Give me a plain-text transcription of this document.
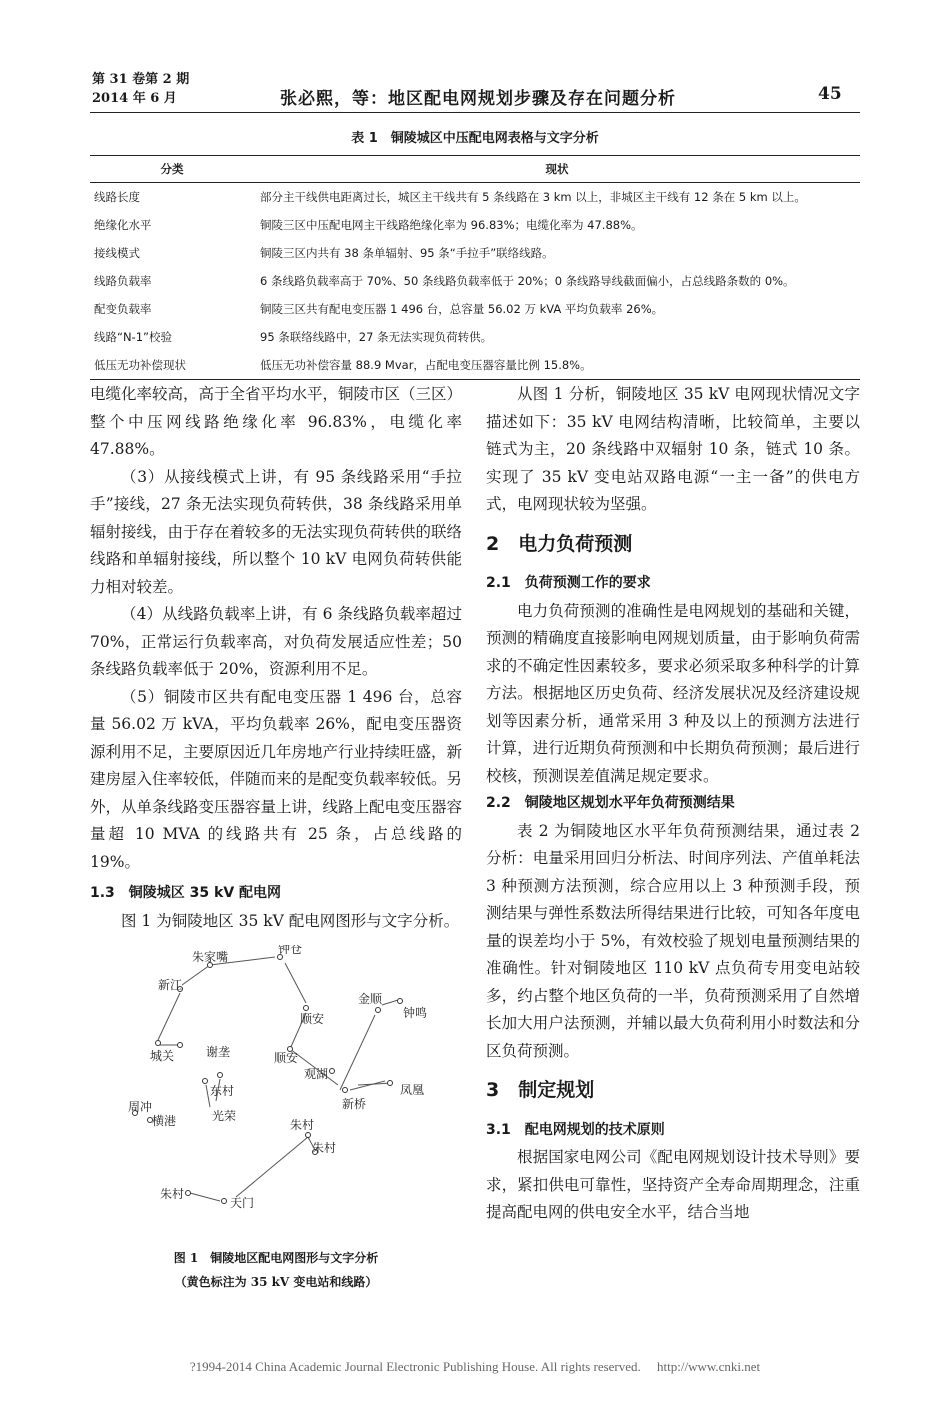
第 31 卷第 2 期
2014 年 6 月	张必熙，等：地区配电网规划步骤及存在问题分析	45
表 1　铜陵城区中压配电网表格与文字分析
分类	现状
线路长度	部分主干线供电距离过长，城区主干线共有 5 条线路在 3 km 以上，非城区主干线有 12 条在 5 km 以上。
绝缘化水平	铜陵三区中压配电网主干线路绝缘化率为 96.83%；电缆化率为 47.88%。
接线模式	铜陵三区内共有 38 条单辐射、95 条“手拉手”联络线路。
线路负载率	6 条线路负载率高于 70%、50 条线路负载率低于 20%；0 条线路导线截面偏小，占总线路条数的 0%。
配变负载率	铜陵三区共有配电变压器 1 496 台，总容量 56.02 万 kVA 平均负载率 26%。
线路“N-1”校验	95 条联络线路中，27 条无法实现负荷转供。
低压无功补偿现状	低压无功补偿容量 88.9 Mvar，占配电变压器容量比例 15.8%。

电缆化率较高，高于全省平均水平，铜陵市区（三区）整个中压网线路绝缘化率 96.83%，电缆化率 47.88%。

（3）从接线模式上讲，有 95 条线路采用“手拉手”接线，27 条无法实现负荷转供，38 条线路采用单辐射接线，由于存在着较多的无法实现负荷转供的联络线路和单辐射接线，所以整个 10 kV 电网负荷转供能力相对较差。

（4）从线路负载率上讲，有 6 条线路负载率超过 70%，正常运行负载率高，对负荷发展适应性差；50 条线路负载率低于 20%，资源利用不足。

（5）铜陵市区共有配电变压器 1 496 台，总容量 56.02 万 kVA，平均负载率 26%，配电变压器资源利用不足，主要原因近几年房地产行业持续旺盛，新建房屋入住率较低，伴随而来的是配变负载率较低。另外，从单条线路变压器容量上讲，线路上配电变压器容量超 10 MVA 的线路共有 25 条，占总线路的 19%。

1.3　铜陵城区 35 kV 配电网

图 1 为铜陵地区 35 kV 配电网图形与文字分析。

朱家嘴
钟仓
新江
顺安
金顺
钟鸣
城关	谢垄	顺安
观湖
凤凰
新桥
东村
周冲
横港	光荣
朱村
朱村
朱村
天门
图 1　铜陵地区配电网图形与文字分析
（黄色标注为 35 kV 变电站和线路）

从图 1 分析，铜陵地区 35 kV 电网现状情况文字描述如下：35 kV 电网结构清晰，比较简单，主要以链式为主，20 条线路中双辐射 10 条，链式 10 条。实现了 35 kV 变电站双路电源“一主一备”的供电方式，电网现状较为坚强。

2　电力负荷预测
2.1　负荷预测工作的要求

电力负荷预测的准确性是电网规划的基础和关键，预测的精确度直接影响电网规划质量，由于影响负荷需求的不确定性因素较多，要求必须采取多种科学的计算方法。根据地区历史负荷、经济发展状况及经济建设规划等因素分析，通常采用 3 种及以上的预测方法进行计算，进行近期负荷预测和中长期负荷预测；最后进行校核，预测误差值满足规定要求。

2.2　铜陵地区规划水平年负荷预测结果

表 2 为铜陵地区水平年负荷预测结果，通过表 2 分析：电量采用回归分析法、时间序列法、产值单耗法 3 种预测方法预测，综合应用以上 3 种预测手段，预测结果与弹性系数法所得结果进行比较，可知各年度电量的误差均小于 5%，有效校验了规划电量预测结果的准确性。针对铜陵地区 110 kV 点负荷专用变电站较多，约占整个地区负荷的一半，负荷预测采用了自然增长加大用户法预测，并辅以最大负荷利用小时数法和分区负荷预测。

3　制定规划
3.1　配电网规划的技术原则

根据国家电网公司《配电网规划设计技术导则》要求，紧扣供电可靠性，坚持资产全寿命周期理念，注重提高配电网的供电安全水平，结合当地

?1994-2014 China Academic Journal Electronic Publishing House. All rights reserved.　 http://www.cnki.net
